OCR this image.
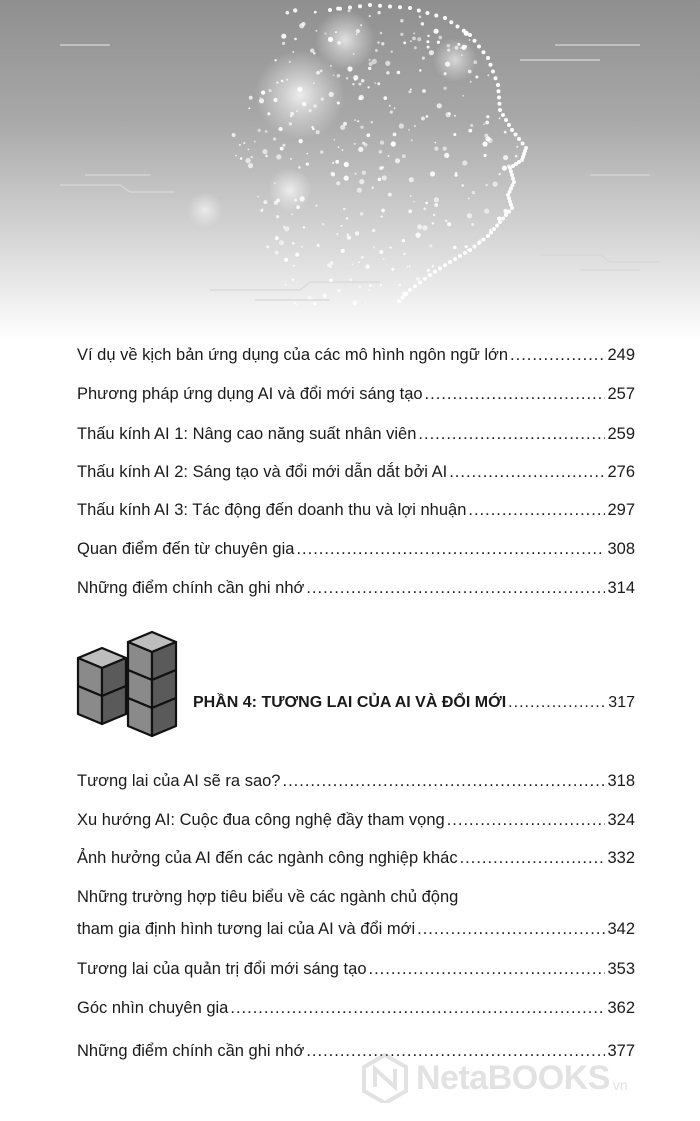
Ví dụ về kịch bản ứng dụng của các mô hình ngôn ngữ lớn .....	249
Phương pháp ứng dụng AI và đổi mới sáng tạo .....	257
Thấu kính AI 1: Nâng cao năng suất nhân viên .....	259
Thấu kính AI 2: Sáng tạo và đổi mới dẫn dắt bởi AI .....	276
Thấu kính AI 3: Tác động đến doanh thu và lợi nhuận .....	297
Quan điểm đến từ chuyên gia .....	308
Những điểm chính cần ghi nhớ .....	314
PHẦN 4: TƯƠNG LAI CỦA AI VÀ ĐỔI MỚI .....	317
Tương lai của AI sẽ ra sao? .....	318
Xu hướng AI: Cuộc đua công nghệ đầy tham vọng .....	324
Ảnh hưởng của AI đến các ngành công nghiệp khác .....	332
Những trường hợp tiêu biểu về các ngành chủ động
tham gia định hình tương lai của AI và đổi mới .....	342
Tương lai của quản trị đổi mới sáng tạo .....	353
Góc nhìn chuyên gia .....	362
Những điểm chính cần ghi nhớ .....	377
NetaBOOKS vn
